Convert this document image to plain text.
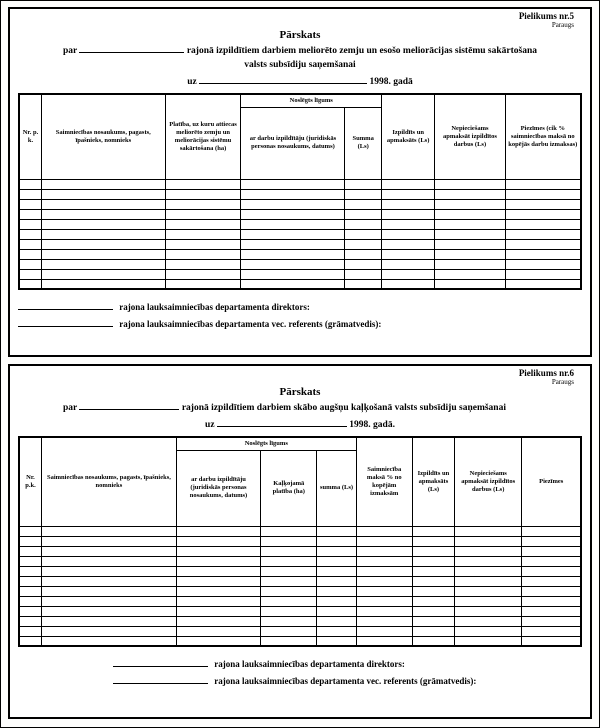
Pielikums nr.5
Paraugs
Pārskats
par	rajonā izpildītiem darbiem meliorēto zemju un esošo meliorācijas sistēmu sakārtošana
valsts subsīdiju saņemšanai
uz	1998. gadā
Nr. p. k.	Saimniecības nosaukums, pagasts, īpašnieks, nomnieks	Platība, uz kuru attiecas meliorēto zemju un meliorācijas sistēmu sakārtošana (ha)	Noslēgts līgums		Izpildīts un apmaksāts (Ls)	Nepieciešams apmaksāt izpildītos darbus (Ls)	Piezīmes (cik % saimniecības maksā no kopējās darbu izmaksas)
			ar darbu izpildītāju (juridiskās personas nosaukums, datums)	Summa (Ls)			

rajona lauksaimniecības departamenta direktors:
rajona lauksaimniecības departamenta vec. referents (grāmatvedis):
Pielikums nr.6
Paraugs
Pārskats
par	rajonā izpildītiem darbiem skābo augšņu kaļķošanā valsts subsīdiju saņemšanai
uz	1998. gadā.
Nr. p.k.	Saimniecības nosaukums, pagasts, īpašnieks, nomnieks	Noslēgts līgums			Saimniecība maksā % no kopējām izmaksām	Izpildīts un apmaksāts (Ls)	Nepieciešams apmaksāt izpildītos darbus (Ls)	Piezīmes
		ar darbu izpildītāju (juridiskās personas nosaukums, datums)	Kaļķojamā platība (ha)	summa (Ls)				

rajona lauksaimniecības departamenta direktors:
rajona lauksaimniecības departamenta vec. referents (grāmatvedis):
